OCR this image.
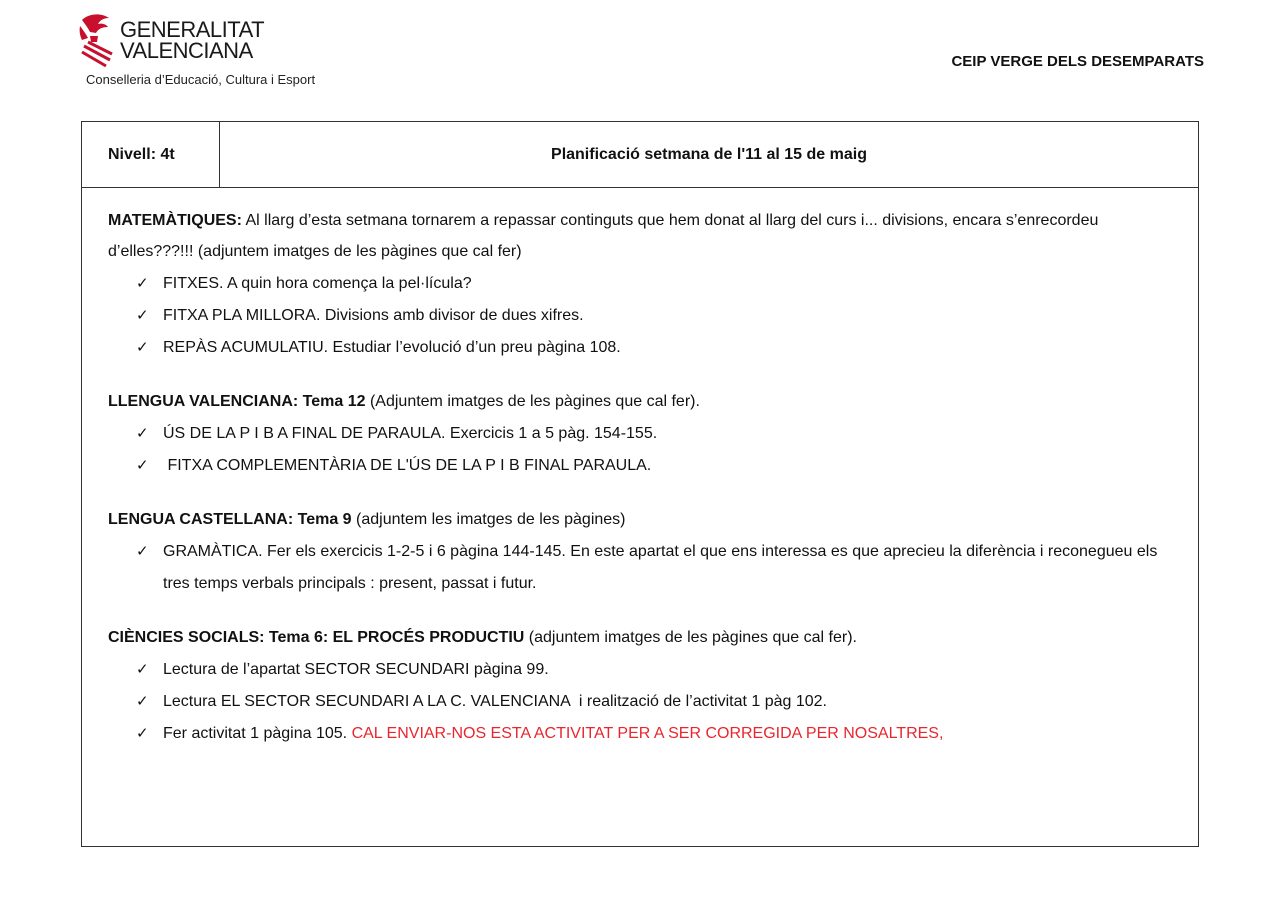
GENERALITAT
VALENCIANA
Conselleria d’Educació, Cultura i Esport
CEIP VERGE DELS DESEMPARATS
Nivell: 4t	Planificació setmana de l'11 al 15 de maig

MATEMÀTIQUES: Al llarg d’esta setmana tornarem a repassar continguts que hem donat al llarg del curs i... divisions, encara s’enrecordeu d’elles???!!! (adjuntem imatges de les pàgines que cal fer)

✓ FITXES. A quin hora comença la pel·lícula?
✓ FITXA PLA MILLORA. Divisions amb divisor de dues xifres.
✓ REPÀS ACUMULATIU. Estudiar l’evolució d’un preu pàgina 108.

LLENGUA VALENCIANA: Tema 12 (Adjuntem imatges de les pàgines que cal fer).

✓ ÚS DE LA P I B A FINAL DE PARAULA. Exercicis 1 a 5 pàg. 154-155.
✓ FITXA COMPLEMENTÀRIA DE L'ÚS DE LA P I B FINAL PARAULA.

LENGUA CASTELLANA: Tema 9 (adjuntem les imatges de les pàgines)

✓ GRAMÀTICA. Fer els exercicis 1-2-5 i 6 pàgina 144-145. En este apartat el que ens interessa es que aprecieu la diferència i reconegueu els tres temps verbals principals : present, passat i futur.

CIÈNCIES SOCIALS: Tema 6: EL PROCÉS PRODUCTIU (adjuntem imatges de les pàgines que cal fer).

✓ Lectura de l’apartat SECTOR SECUNDARI pàgina 99.
✓ Lectura EL SECTOR SECUNDARI A LA C. VALENCIANA  i realització de l’activitat 1 pàg 102.
✓ Fer activitat 1 pàgina 105. CAL ENVIAR-NOS ESTA ACTIVITAT PER A SER CORREGIDA PER NOSALTRES,
